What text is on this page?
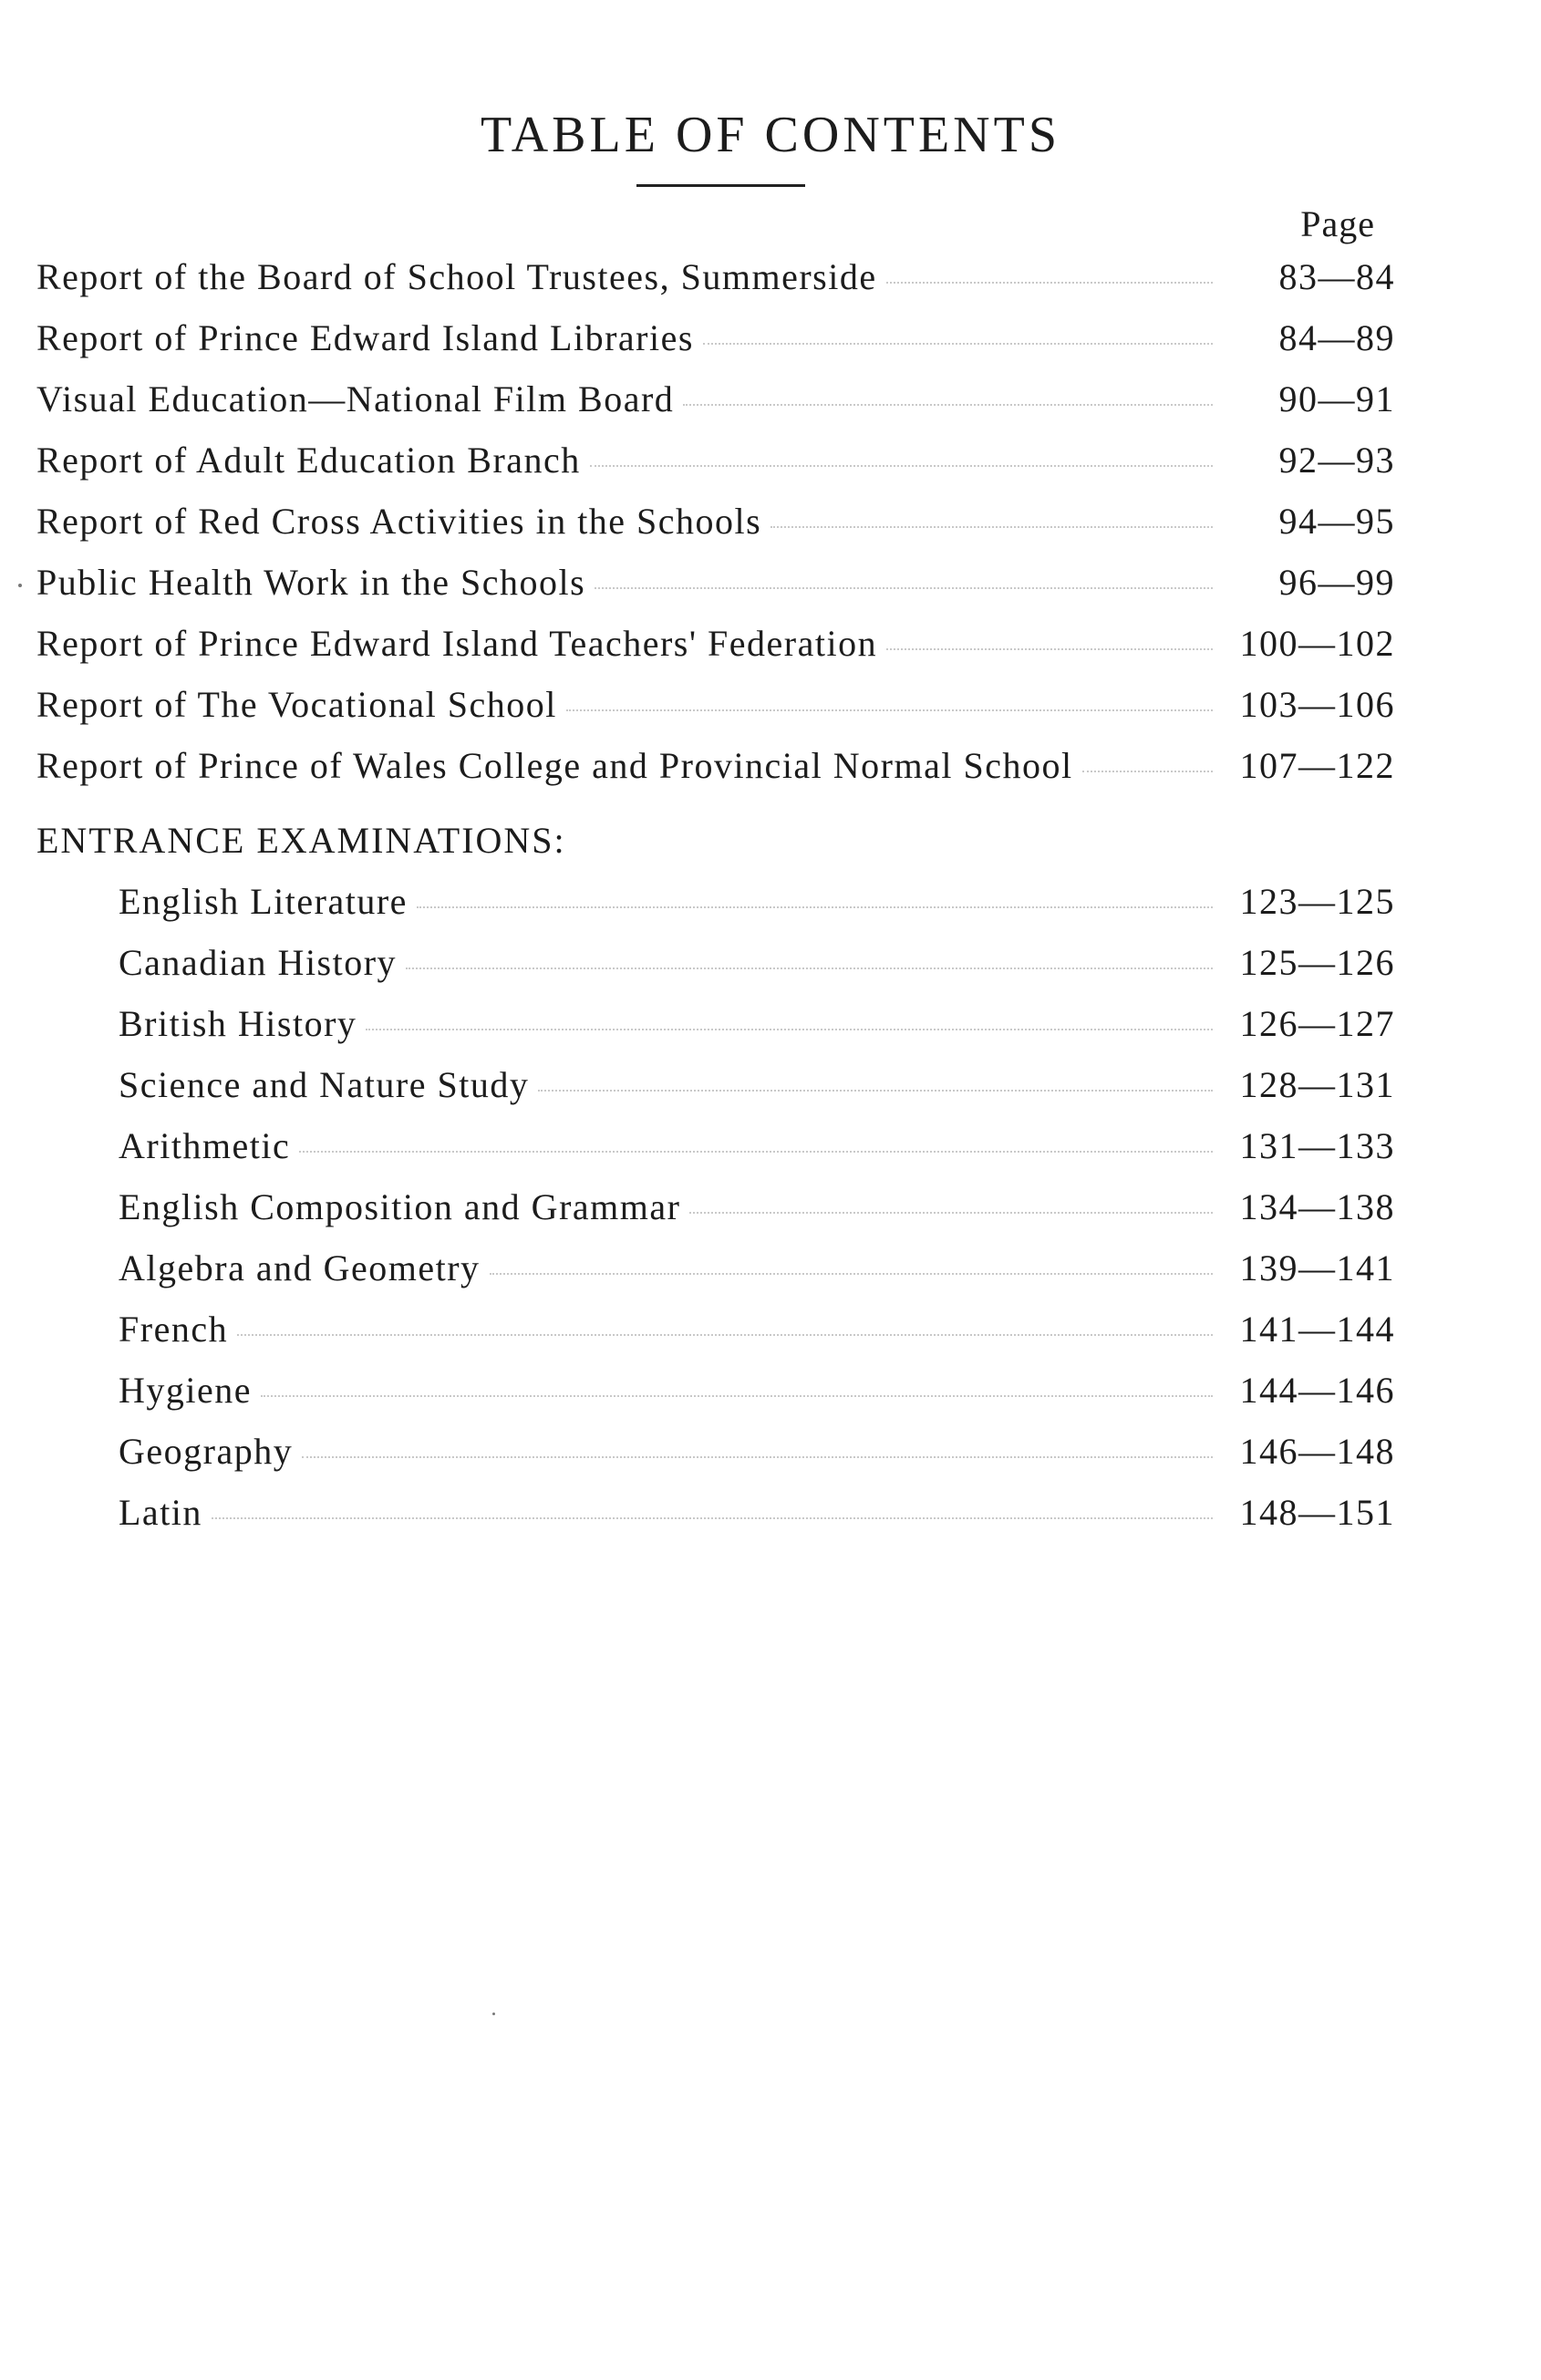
TABLE OF CONTENTS
Page
Report of the Board of School Trustees, Summerside	83—84
Report of Prince Edward Island Libraries	84—89
Visual Education—National Film Board	90—91
Report of Adult Education Branch	92—93
Report of Red Cross Activities in the Schools	94—95
Public Health Work in the Schools	96—99
Report of Prince Edward Island Teachers' Federation	100—102
Report of The Vocational School	103—106
Report of Prince of Wales College and Provincial Normal School	107—122
ENTRANCE EXAMINATIONS:
English Literature	123—125
Canadian History	125—126
British History	126—127
Science and Nature Study	128—131
Arithmetic	131—133
English Composition and Grammar	134—138
Algebra and Geometry	139—141
French	141—144
Hygiene	144—146
Geography	146—148
Latin	148—151
